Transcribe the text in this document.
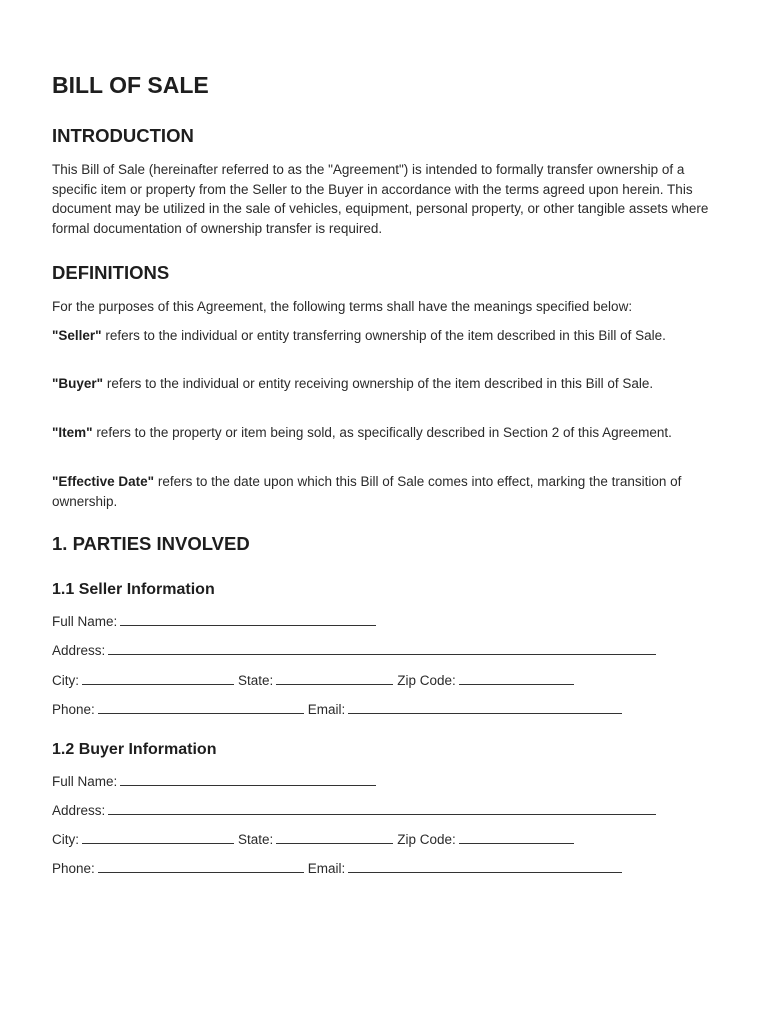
BILL OF SALE
INTRODUCTION

This Bill of Sale (hereinafter referred to as the "Agreement") is intended to formally transfer ownership of a specific item or property from the Seller to the Buyer in accordance with the terms agreed upon herein. This document may be utilized in the sale of vehicles, equipment, personal property, or other tangible assets where formal documentation of ownership transfer is required.

DEFINITIONS

For the purposes of this Agreement, the following terms shall have the meanings specified below:

"Seller" refers to the individual or entity transferring ownership of the item described in this Bill of Sale.

"Buyer" refers to the individual or entity receiving ownership of the item described in this Bill of Sale.

"Item" refers to the property or item being sold, as specifically described in Section 2 of this Agreement.

"Effective Date" refers to the date upon which this Bill of Sale comes into effect, marking the transition of ownership.

1. PARTIES INVOLVED
1.1 Seller Information
Full Name:
Address:
City:	State:	Zip Code:
Phone:	Email:
1.2 Buyer Information
Full Name:
Address:
City:	State:	Zip Code:
Phone:	Email:
